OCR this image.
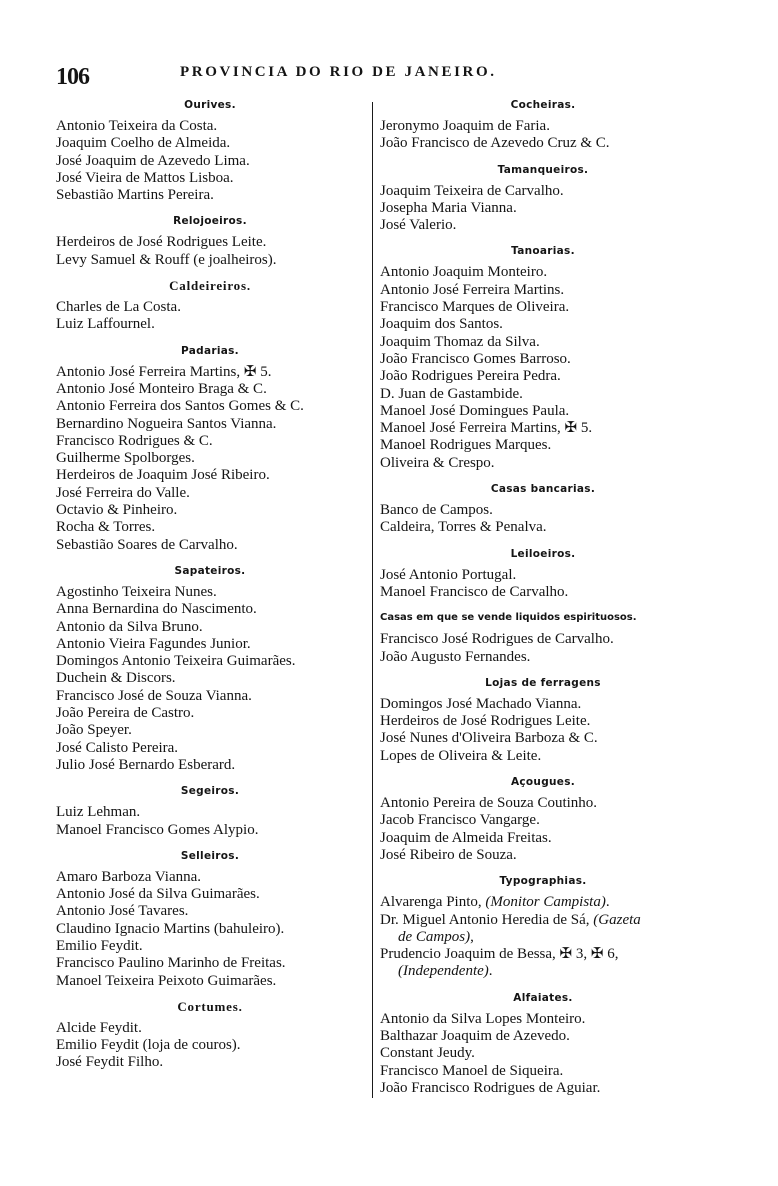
106	PROVINCIA DO RIO DE JANEIRO.
Ourives.
Antonio Teixeira da Costa.
Joaquim Coelho de Almeida.
José Joaquim de Azevedo Lima.
José Vieira de Mattos Lisboa.
Sebastião Martins Pereira.
Relojoeiros.
Herdeiros de José Rodrigues Leite.
Levy Samuel & Rouff (e joalheiros).
Caldeireiros.
Charles de La Costa.
Luiz Laffournel.
Padarias.
Antonio José Ferreira Martins, ✠ 5.
Antonio José Monteiro Braga & C.
Antonio Ferreira dos Santos Gomes & C.
Bernardino Nogueira Santos Vianna.
Francisco Rodrigues & C.
Guilherme Spolborges.
Herdeiros de Joaquim José Ribeiro.
José Ferreira do Valle.
Octavio & Pinheiro.
Rocha & Torres.
Sebastião Soares de Carvalho.
Sapateiros.
Agostinho Teixeira Nunes.
Anna Bernardina do Nascimento.
Antonio da Silva Bruno.
Antonio Vieira Fagundes Junior.
Domingos Antonio Teixeira Guimarães.
Duchein & Discors.
Francisco José de Souza Vianna.
João Pereira de Castro.
João Speyer.
José Calisto Pereira.
Julio José Bernardo Esberard.
Segeiros.
Luiz Lehman.
Manoel Francisco Gomes Alypio.
Selleiros.
Amaro Barboza Vianna.
Antonio José da Silva Guimarães.
Antonio José Tavares.
Claudino Ignacio Martins (bahuleiro).
Emilio Feydit.
Francisco Paulino Marinho de Freitas.
Manoel Teixeira Peixoto Guimarães.
Cortumes.
Alcide Feydit.
Emilio Feydit (loja de couros).
José Feydit Filho.
Cocheiras.
Jeronymo Joaquim de Faria.
João Francisco de Azevedo Cruz & C.
Tamanqueiros.
Joaquim Teixeira de Carvalho.
Josepha Maria Vianna.
José Valerio.
Tanoarias.
Antonio Joaquim Monteiro.
Antonio José Ferreira Martins.
Francisco Marques de Oliveira.
Joaquim dos Santos.
Joaquim Thomaz da Silva.
João Francisco Gomes Barroso.
João Rodrigues Pereira Pedra.
D. Juan de Gastambide.
Manoel José Domingues Paula.
Manoel José Ferreira Martins, ✠ 5.
Manoel Rodrigues Marques.
Oliveira & Crespo.
Casas bancarias.
Banco de Campos.
Caldeira, Torres & Penalva.
Leiloeiros.
José Antonio Portugal.
Manoel Francisco de Carvalho.
Casas em que se vende liquidos espirituosos.
Francisco José Rodrigues de Carvalho.
João Augusto Fernandes.
Lojas de ferragens
Domingos José Machado Vianna.
Herdeiros de José Rodrigues Leite.
José Nunes d'Oliveira Barboza & C.
Lopes de Oliveira & Leite.
Açougues.
Antonio Pereira de Souza Coutinho.
Jacob Francisco Vangarge.
Joaquim de Almeida Freitas.
José Ribeiro de Souza.
Typographias.
Alvarenga Pinto, (Monitor Campista).
Dr. Miguel Antonio Heredia de Sá, (Gazeta
de Campos),
Prudencio Joaquim de Bessa, ✠ 3, ✠ 6,
(Independente).
Alfaiates.
Antonio da Silva Lopes Monteiro.
Balthazar Joaquim de Azevedo.
Constant Jeudy.
Francisco Manoel de Siqueira.
João Francisco Rodrigues de Aguiar.
